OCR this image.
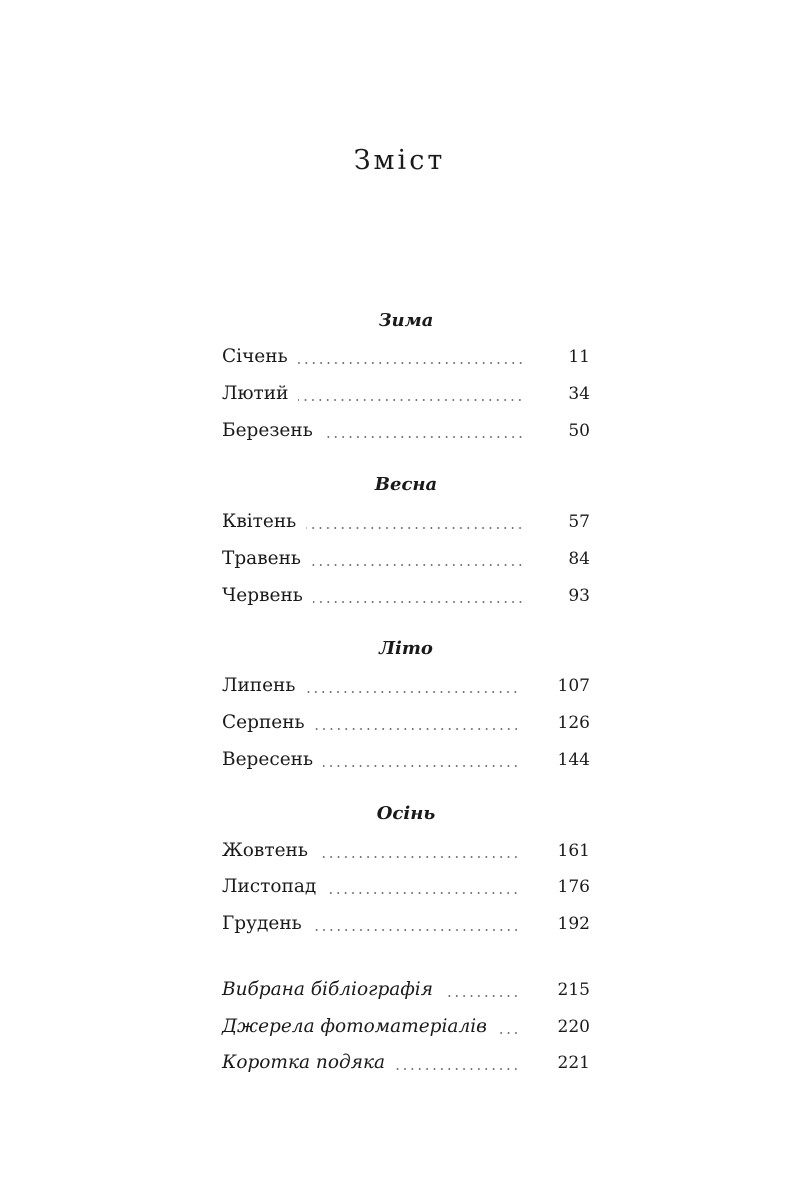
Зміст
Зима
Січень	11
Лютий	34
Березень	50
Весна
Квітень	57
Травень	84
Червень	93
Літо
Липень	107
Серпень	126
Вересень	144
Осінь
Жовтень	161
Листопад	176
Грудень	192
Вибрана бібліографія	215
Джерела фотоматеріалів	220
Коротка подяка	221
